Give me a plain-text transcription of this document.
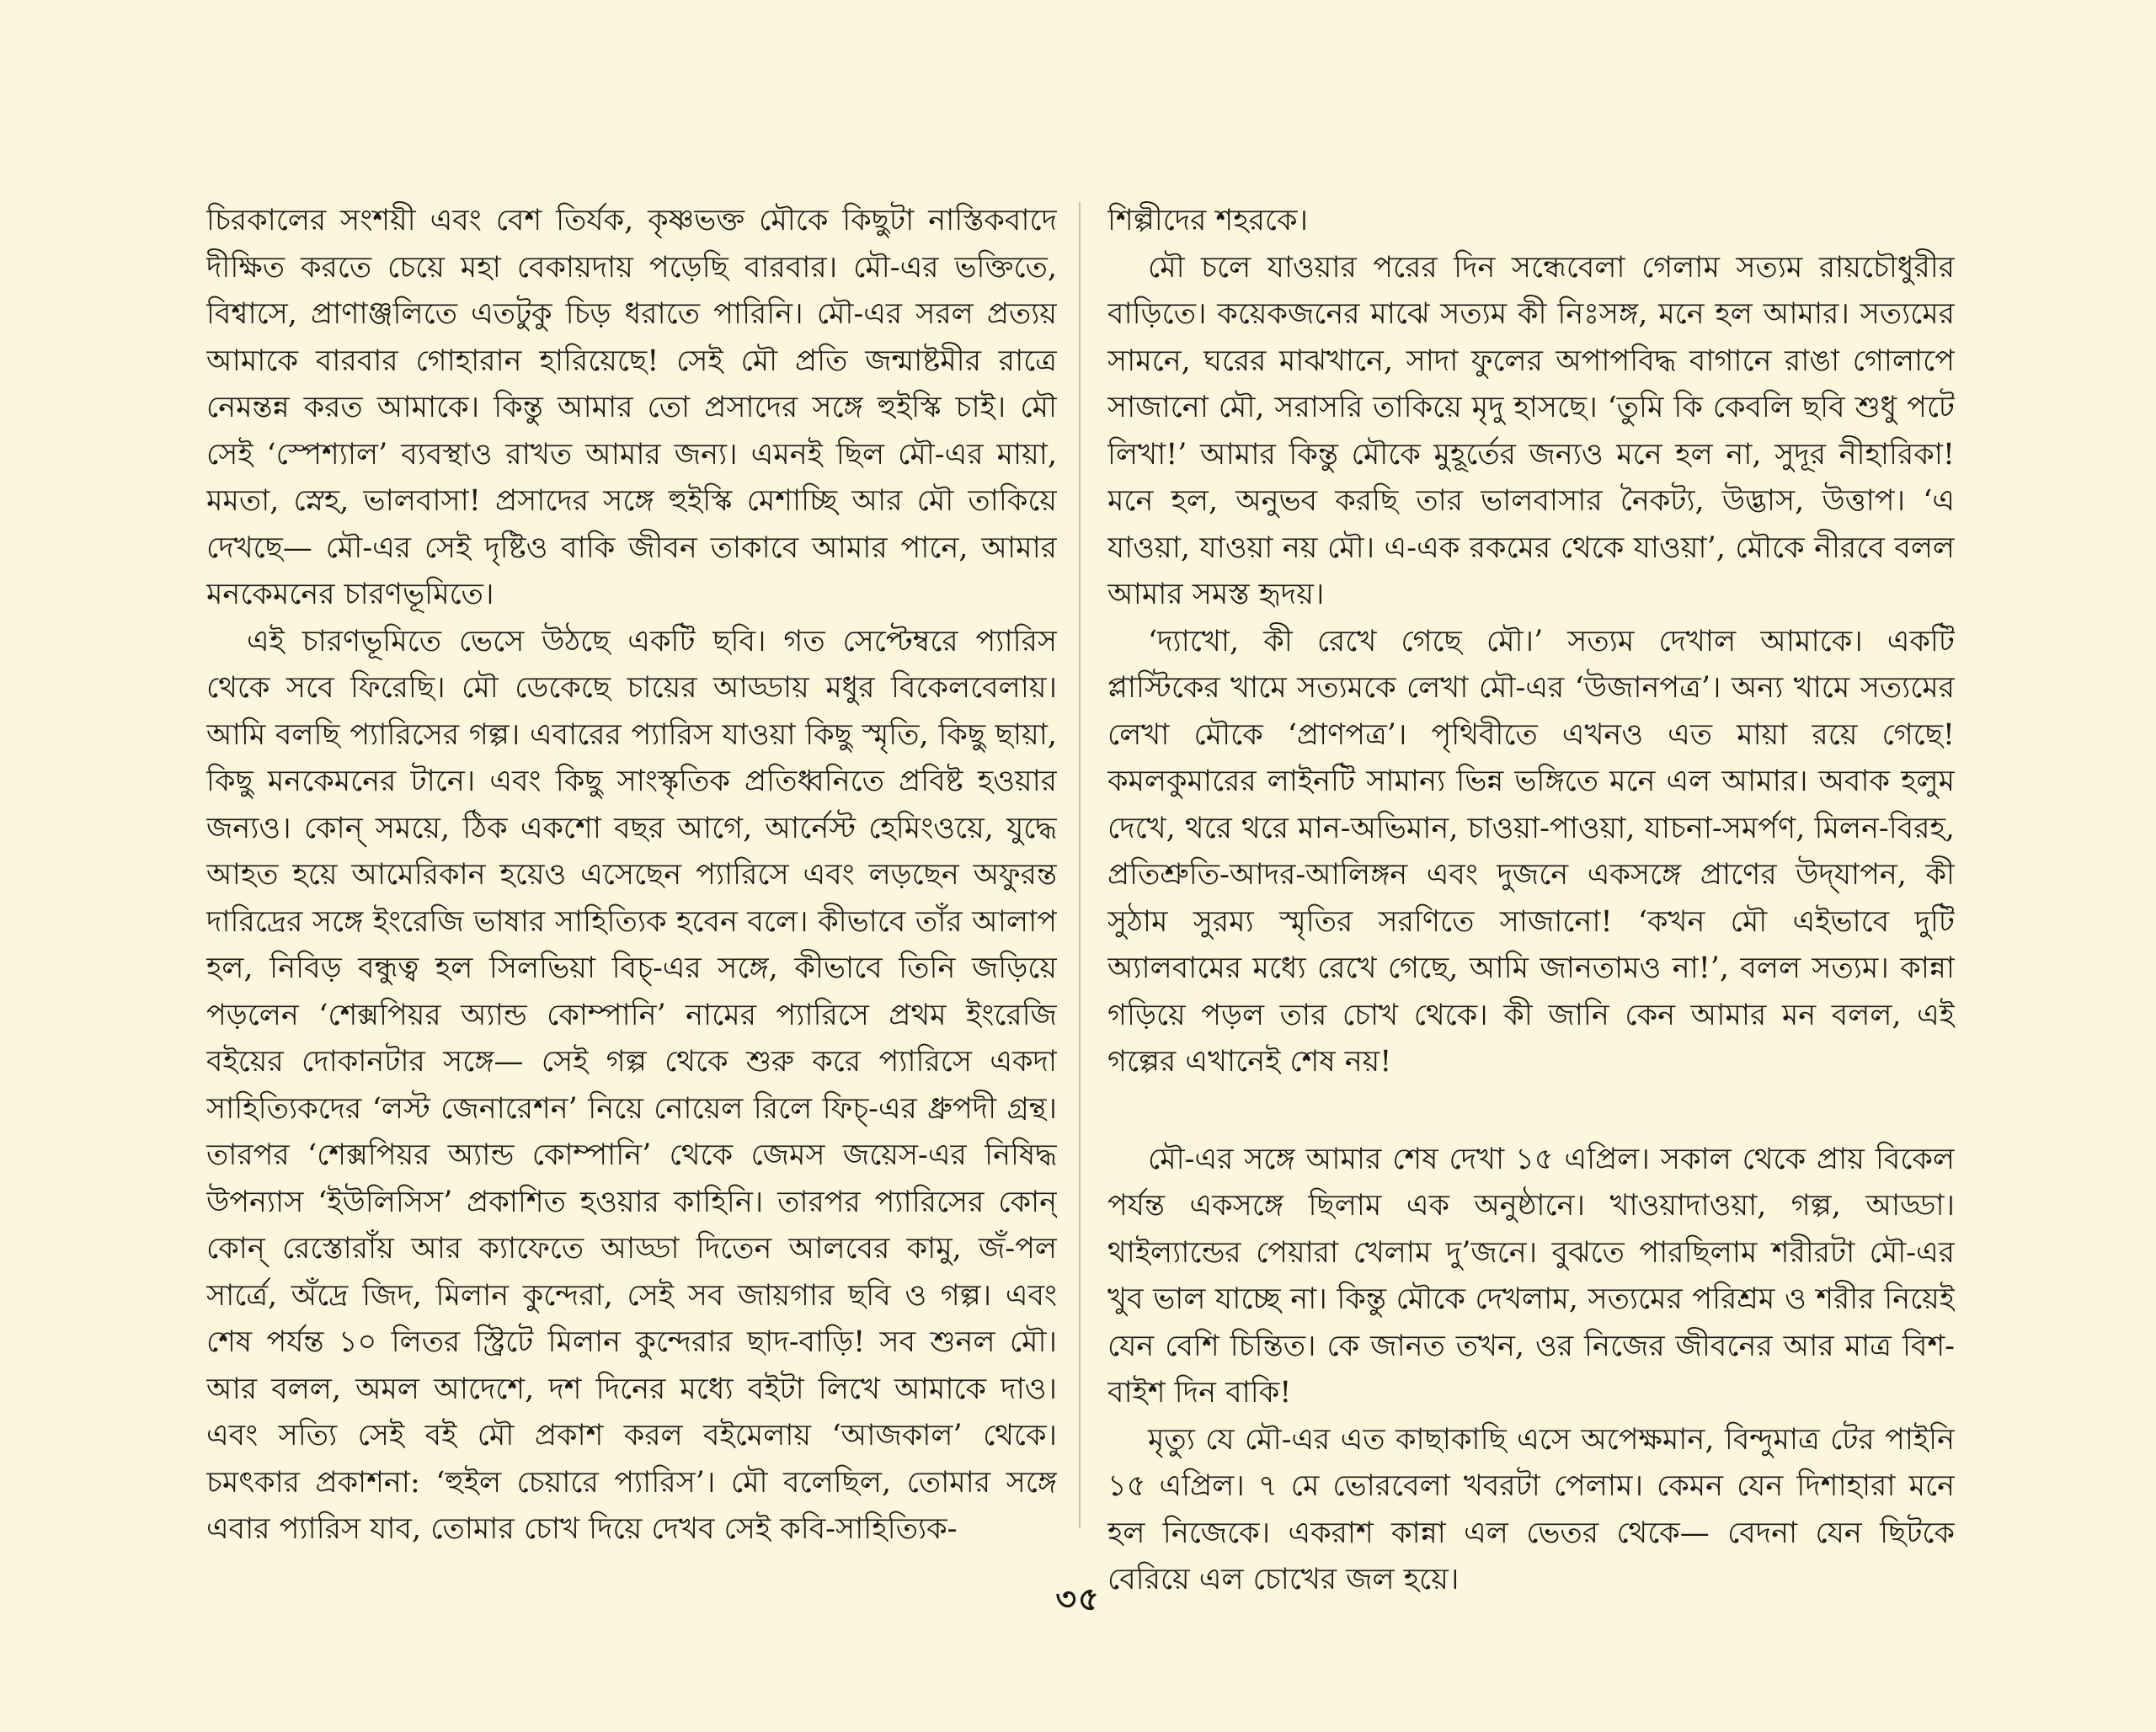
চিরকালের সংশয়ী এবং বেশ তির্যক, কৃষ্ণভক্ত মৌকে কিছুটা নাস্তিকবাদে দীক্ষিত করতে চেয়ে মহা বেকায়দায় পড়েছি বারবার। মৌ-এর ভক্তিতে, বিশ্বাসে, প্রাণাঞ্জলিতে এতটুকু চিড় ধরাতে পারিনি। মৌ-এর সরল প্রত্যয় আমাকে বারবার গোহারান হারিয়েছে! সেই মৌ প্রতি জন্মাষ্টমীর রাত্রে নেমন্তন্ন করত আমাকে। কিন্তু আমার তো প্রসাদের সঙ্গে হুইস্কি চাই। মৌ সেই ‘স্পেশ্যাল’ ব্যবস্থাও রাখত আমার জন্য। এমনই ছিল মৌ-এর মায়া, মমতা, স্নেহ, ভালবাসা! প্রসাদের সঙ্গে হুইস্কি মেশাচ্ছি আর মৌ তাকিয়ে দেখছে— মৌ-এর সেই দৃষ্টিও বাকি জীবন তাকাবে আমার পানে, আমার মনকেমনের চারণভূমিতে।

এই চারণভূমিতে ভেসে উঠছে একটি ছবি। গত সেপ্টেম্বরে প্যারিস থেকে সবে ফিরেছি। মৌ ডেকেছে চায়ের আড্ডায় মধুর বিকেলবেলায়। আমি বলছি প্যারিসের গল্প। এবারের প্যারিস যাওয়া কিছু স্মৃতি, কিছু ছায়া, কিছু মনকেমনের টানে। এবং কিছু সাংস্কৃতিক প্রতিধ্বনিতে প্রবিষ্ট হওয়ার জন্যও। কোন্ সময়ে, ঠিক একশো বছর আগে, আর্নেস্ট হেমিংওয়ে, যুদ্ধে আহত হয়ে আমেরিকান হয়েও এসেছেন প্যারিসে এবং লড়ছেন অফুরন্ত দারিদ্রের সঙ্গে ইংরেজি ভাষার সাহিত্যিক হবেন বলে। কীভাবে তাঁর আলাপ হল, নিবিড় বন্ধুত্ব হল সিলভিয়া বিচ্-এর সঙ্গে, কীভাবে তিনি জড়িয়ে পড়লেন ‘শেক্সপিয়র অ্যান্ড কোম্পানি’ নামের প্যারিসে প্রথম ইংরেজি বইয়ের দোকানটার সঙ্গে— সেই গল্প থেকে শুরু করে প্যারিসে একদা সাহিত্যিকদের ‘লস্ট জেনারেশন’ নিয়ে নোয়েল রিলে ফিচ্-এর ধ্রুপদী গ্রন্থ। তারপর ‘শেক্সপিয়র অ্যান্ড কোম্পানি’ থেকে জেমস জয়েস-এর নিষিদ্ধ উপন্যাস ‘ইউলিসিস’ প্রকাশিত হওয়ার কাহিনি। তারপর প্যারিসের কোন্ কোন্ রেস্তোরাঁয় আর ক্যাফেতে আড্ডা দিতেন আলবের কামু, জঁ-পল সার্ত্রে, অঁদ্রে জিদ, মিলান কুন্দেরা, সেই সব জায়গার ছবি ও গল্প। এবং শেষ পর্যন্ত ১০ লিতর স্ট্রিটে মিলান কুন্দেরার ছাদ-বাড়ি! সব শুনল মৌ। আর বলল, অমল আদেশে, দশ দিনের মধ্যে বইটা লিখে আমাকে দাও। এবং সত্যি সেই বই মৌ প্রকাশ করল বইমেলায় ‘আজকাল’ থেকে। চমৎকার প্রকাশনা: ‘হুইল চেয়ারে প্যারিস’। মৌ বলেছিল, তোমার সঙ্গে এবার প্যারিস যাব, তোমার চোখ দিয়ে দেখব সেই কবি-সাহিত্যিক-

শিল্পীদের শহরকে।

মৌ চলে যাওয়ার পরের দিন সন্ধেবেলা গেলাম সত্যম রায়চৌধুরীর বাড়িতে। কয়েকজনের মাঝে সত্যম কী নিঃসঙ্গ, মনে হল আমার। সত্যমের সামনে, ঘরের মাঝখানে, সাদা ফুলের অপাপবিদ্ধ বাগানে রাঙা গোলাপে সাজানো মৌ, সরাসরি তাকিয়ে মৃদু হাসছে। ‘তুমি কি কেবলি ছবি শুধু পটে লিখা!’ আমার কিন্তু মৌকে মুহূর্তের জন্যও মনে হল না, সুদূর নীহারিকা! মনে হল, অনুভব করছি তার ভালবাসার নৈকট্য, উদ্ভাস, উত্তাপ। ‘এ যাওয়া, যাওয়া নয় মৌ। এ-এক রকমের থেকে যাওয়া’, মৌকে নীরবে বলল আমার সমস্ত হৃদয়।

‘দ্যাখো, কী রেখে গেছে মৌ।’ সত্যম দেখাল আমাকে। একটি প্লাস্টিকের খামে সত্যমকে লেখা মৌ-এর ‘উজানপত্র’। অন্য খামে সত্যমের লেখা মৌকে ‘প্রাণপত্র’। পৃথিবীতে এখনও এত মায়া রয়ে গেছে! কমলকুমারের লাইনটি সামান্য ভিন্ন ভঙ্গিতে মনে এল আমার। অবাক হলুম দেখে, থরে থরে মান-অভিমান, চাওয়া-পাওয়া, যাচনা-সমর্পণ, মিলন-বিরহ, প্রতিশ্রুতি-আদর-আলিঙ্গন এবং দুজনে একসঙ্গে প্রাণের উদ্‌যাপন, কী সুঠাম সুরম্য স্মৃতির সরণিতে সাজানো! ‘কখন মৌ এইভাবে দুটি অ্যালবামের মধ্যে রেখে গেছে, আমি জানতামও না!’, বলল সত্যম। কান্না গড়িয়ে পড়ল তার চোখ থেকে। কী জানি কেন আমার মন বলল, এই গল্পের এখানেই শেষ নয়!

মৌ-এর সঙ্গে আমার শেষ দেখা ১৫ এপ্রিল। সকাল থেকে প্রায় বিকেল পর্যন্ত একসঙ্গে ছিলাম এক অনুষ্ঠানে। খাওয়াদাওয়া, গল্প, আড্ডা। থাইল্যান্ডের পেয়ারা খেলাম দু’জনে। বুঝতে পারছিলাম শরীরটা মৌ-এর খুব ভাল যাচ্ছে না। কিন্তু মৌকে দেখলাম, সত্যমের পরিশ্রম ও শরীর নিয়েই যেন বেশি চিন্তিত। কে জানত তখন, ওর নিজের জীবনের আর মাত্র বিশ-বাইশ দিন বাকি!

মৃত্যু যে মৌ-এর এত কাছাকাছি এসে অপেক্ষমান, বিন্দুমাত্র টের পাইনি ১৫ এপ্রিল। ৭ মে ভোরবেলা খবরটা পেলাম। কেমন যেন দিশাহারা মনে হল নিজেকে। একরাশ কান্না এল ভেতর থেকে— বেদনা যেন ছিটকে বেরিয়ে এল চোখের জল হয়ে।

৩৫
